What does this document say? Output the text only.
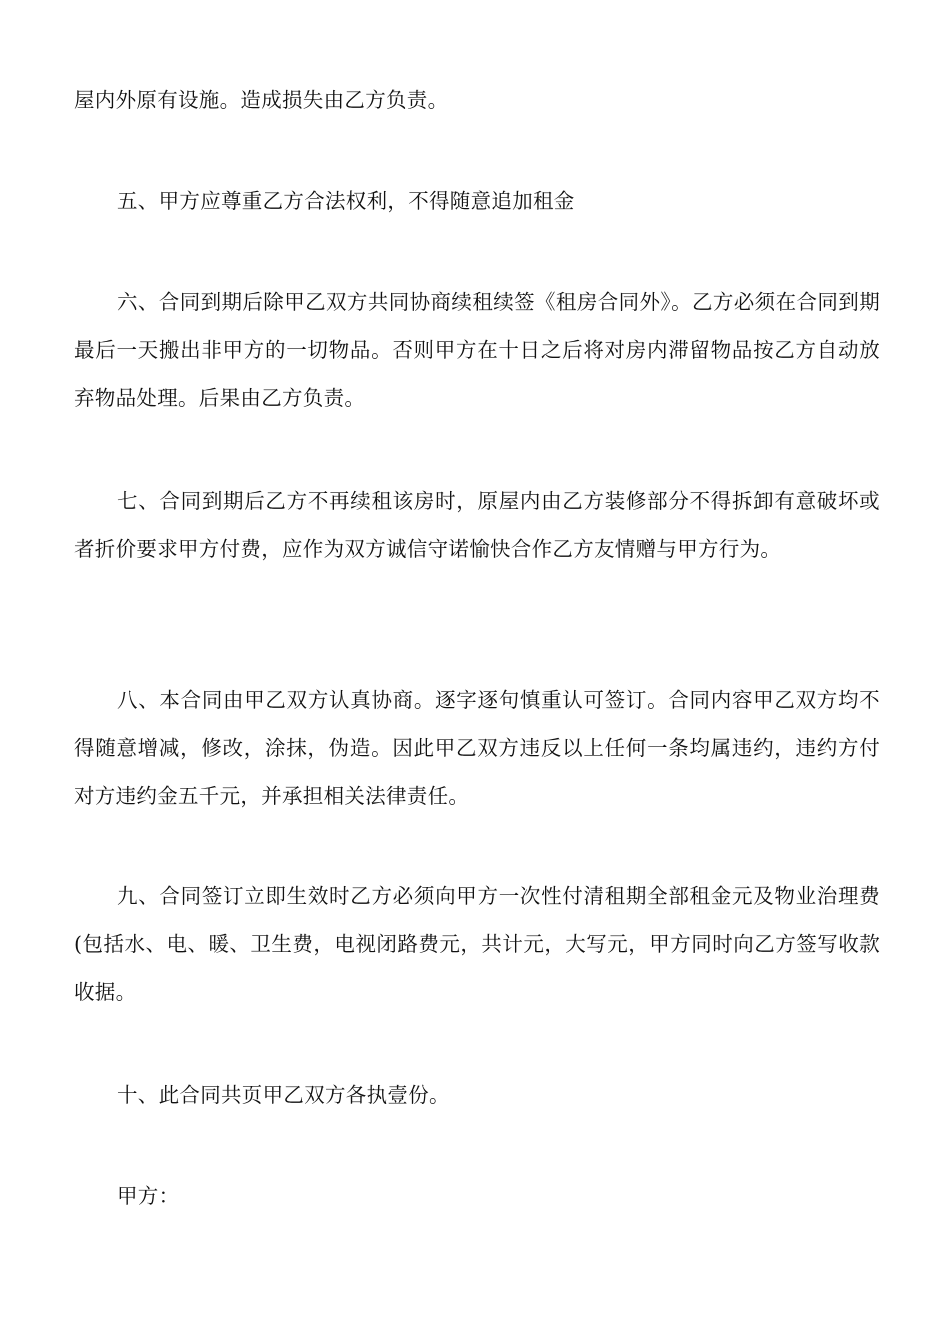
屋内外原有设施。造成损失由乙方负责。

五、甲方应尊重乙方合法权利，不得随意追加租金

六、合同到期后除甲乙双方共同协商续租续签《租房合同外》。乙方必须在合同到期最后一天搬出非甲方的一切物品。否则甲方在十日之后将对房内滞留物品按乙方自动放弃物品处理。后果由乙方负责。

七、合同到期后乙方不再续租该房时，原屋内由乙方装修部分不得拆卸有意破坏或者折价要求甲方付费，应作为双方诚信守诺愉快合作乙方友情赠与甲方行为。

八、本合同由甲乙双方认真协商。逐字逐句慎重认可签订。合同内容甲乙双方均不得随意增减，修改，涂抹，伪造。因此甲乙双方违反以上任何一条均属违约，违约方付对方违约金五千元，并承担相关法律责任。

九、合同签订立即生效时乙方必须向甲方一次性付清租期全部租金元及物业治理费(包括水、电、暖、卫生费，电视闭路费元，共计元，大写元，甲方同时向乙方签写收款收据。

十、此合同共页甲乙双方各执壹份。

甲方：
